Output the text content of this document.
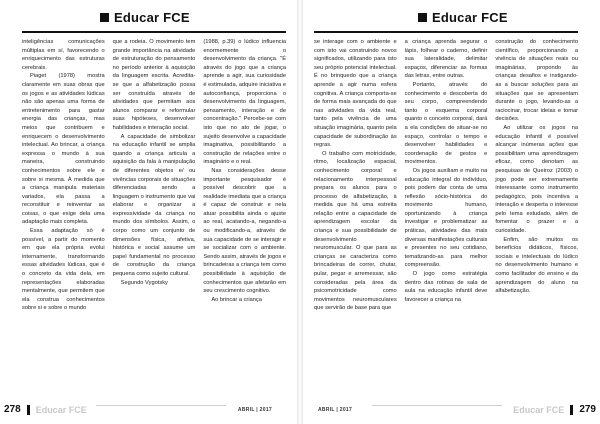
Educar FCE

inteligências comunicações múltiplas em sí, favorecendo o enriquecimento das estruturas cerebrais.

Piaget (1978) mostra claramente em suas obras que os jogos e as atividades lúdicas não são apenas uma forma de entretenimento para gastar energia das crianças, mas meios que contribuem e enriquecem o desenvolvimento intelectual. Ao brincar, a criança expressa o mundo à sua maneira, construindo conhecimentos sobre ele e sobre si mesma. À medida que a criança manipula materiais variados, ela passa a reconstituir e reinventar as coisas, o que exige dela uma adaptação mais completa.

Essa adaptação só é possível, a partir do momento em que ela própria evolui internamente, transformando essas atividades lúdicas, que é o concreto da vida dela, em representações elaboradas mentalmente, que permitem que ela construa conhecimentos sobre si e sobre o mundo

que a rodeia. O movimento tem grande importância na atividade de estruturação do pensamento no período anterior à aquisição da linguagem escrita. Acredita-se que a alfabetização possa ser construída através de atividades que permitam aos alunos comparar e reformular suas hipóteses, desenvolver habilidades e interação social.

A capacidade de simbolizar na educação infantil se amplia quando a criança articula a aquisição da fala à manipulação de diferentes objetos e/ ou vivências corporais de situações diferenciadas sendo a linguagem o instrumento que vai elaborar e organizar a expressividade da criança no mundo dos símbolos. Assim, o corpo como um conjunto de dimensões física, afetiva, histórica e social assume um papel fundamental no processo de construção da criança pequena como sujeito cultural.

Segundo Vygotsky

(1988, p.39) o lúdico influencia enormemente o desenvolvimento da criança. "É através do jogo que a criança aprende a agir, sua curiosidade é estimulada, adquire iniciativa e autoconfiança, proporciona o desenvolvimento da linguagem, pensamento, interação e de concentração." Percebe-se com isto que no ato de jogar, o sujeito desenvolve a capacidade imaginativa, possibilitando a construção de relações entre o imaginário e o real.

Nas considerações desse importante pesquisador é possível descobrir que a realidade imediata que a criança é capaz de construir e nela atuar possibilita ainda o ajuste ao real, acatando-a, negando-a ou modificando-a, através de sua capacidade de se interagir e se socializar com o ambiente. Sendo assim, através de jogos e brincadeiras a criança tem como possibilidade à aquisição de conhecimentos que afetarão em seu crescimento cognitivo.

Ao brincar a criança

278 Educar FCE	ABRIL | 2017
Educar FCE

se interage com o ambiente e com isto vai construindo novos significados, utilizando para isto seu próprio potencial intelectual. É no brinquedo que a criança aprende a agir numa esfera cognitiva. A criança comporta-se de forma mais avançada do que nas atividades da vida real, tanto pela vivência de uma situação imaginária, quanto pela capacidade de subordinação às regras.

O trabalho com motricidade, ritmo, localização espacial, conhecimento corporal e relacionamento interpessoal prepara os alunos para o processo de alfabetização, à medida que há uma estreita relação entre a capacidade de aprendizagem escolar da criança e sua possibilidade de desenvolvimento neuromuscular. O que para as crianças se caracteriza como brincadeiras de correr, chutar, pular, pegar e arremessar, são consideradas pela área da psicomotricidade como movimentos neuromusculares que servirão de base para que

a criança aprenda segurar o lápis, folhear o caderno, definir sua lateralidade, delimitar espaços, diferenciar as formas das letras, entre outras.

Portanto, através do conhecimento e descoberta do seu corpo, compreendendo tanto o esquema corporal quanto o conceito corporal, dará a ela condições de situar-se no espaço, controlar o tempo e desenvolver habilidades e coordenação de gestos e movimentos.

Os jogos auxiliam e muito na educação integral do indivíduo, pois podem dar conta de uma reflexão sócio-histórica do movimento humano, oportunizando à criança investigar e problematizar as práticas, atividades das mais diversas manifestações culturais e presentes no seu cotidiano, tematizando-as para melhor compreensão.

O jogo como estratégia dentro das rotinas de sala de aula na educação infantil deve favorecer a criança na

construção do conhecimento científico, proporcionando a vivência de situações reais ou imaginárias, propondo às crianças desafios e instigando-as a buscar soluções para as situações que se apresentam durante o jogo, levando-as a raciocinar, trocar ideias e tomar decisões.

Ao utilizar os jogos na educação infantil é possível alcançar inúmeras ações que possibilitam uma aprendizagem eficaz, como denotam as pesquisas de Queiroz (2003) o jogo pode ser extremamente interessante como instrumento pedagógico, pois incentiva a interação e desperta o interesse pelo tema estudado, além de fomentar o prazer e a curiosidade.

Enfim, são muitos os benefícios didáticos, físicos, sociais e intelectuais do lúdico no desenvolvimento humano e como facilitador do ensino e da aprendizagem do aluno na alfabetização.

ABRIL | 2017	Educar FCE 279
